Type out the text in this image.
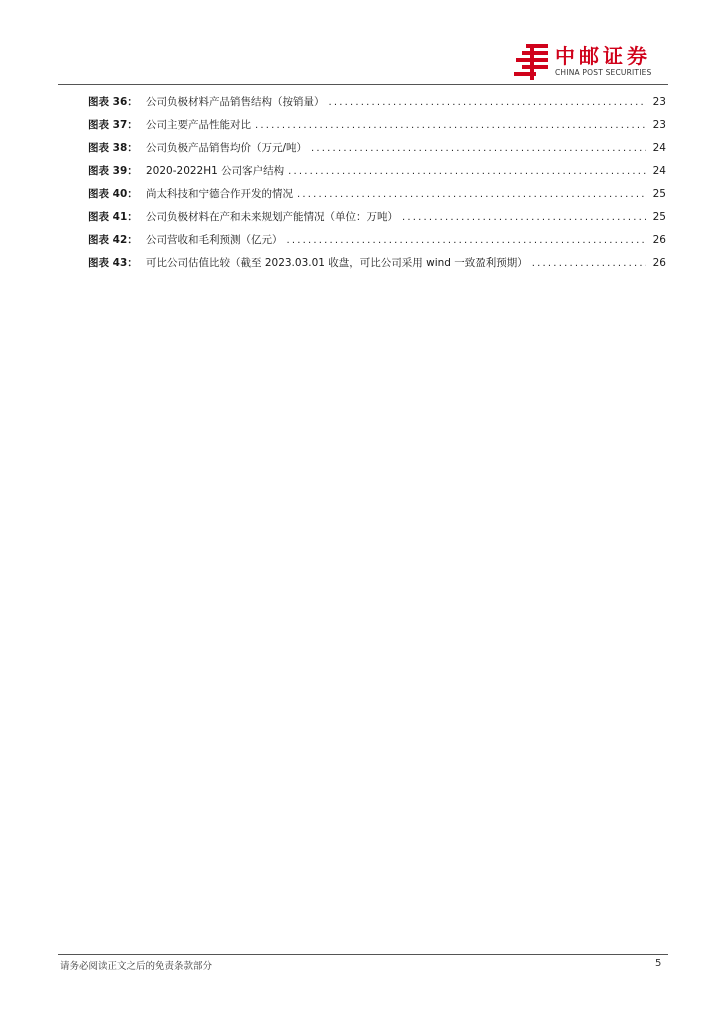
中邮证券
CHINA POST SECURITIES
图表 36： 公司负极材料产品销售结构（按销量） .....	23
图表 37： 公司主要产品性能对比 .....	23
图表 38： 公司负极产品销售均价（万元/吨） .....	24
图表 39： 2020-2022H1 公司客户结构 .....	24
图表 40： 尚太科技和宁德合作开发的情况 .....	25
图表 41： 公司负极材料在产和未来规划产能情况（单位：万吨） .....	25
图表 42： 公司营收和毛利预测（亿元） .....	26
图表 43： 可比公司估值比较（截至 2023.03.01 收盘，可比公司采用 wind 一致盈利预期） .....	26
请务必阅读正文之后的免责条款部分	5
